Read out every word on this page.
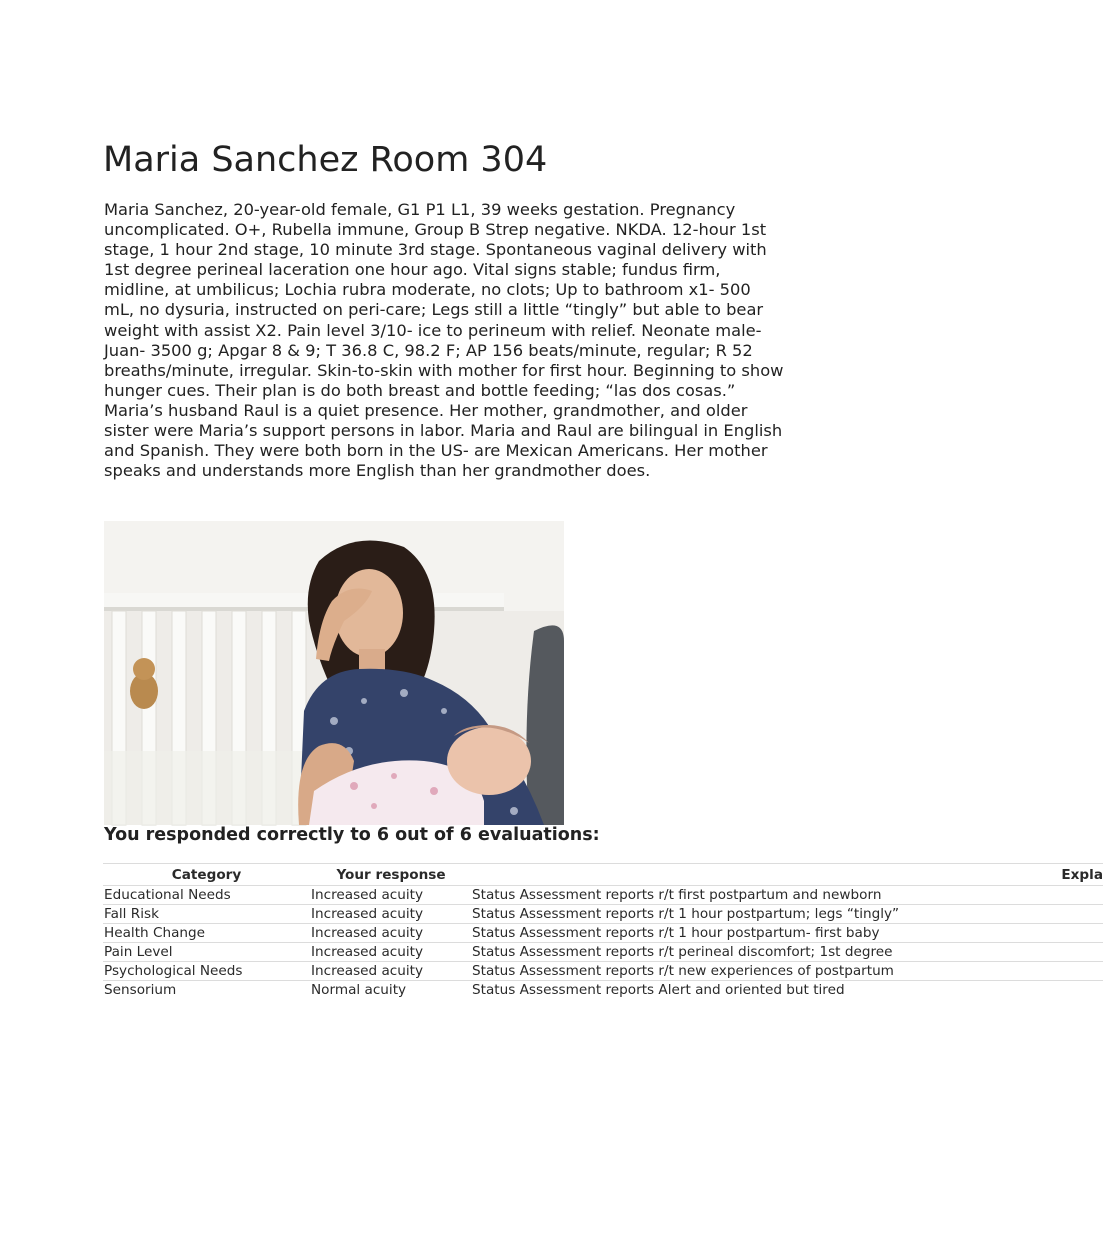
Maria Sanchez Room 304

Maria Sanchez, 20-year-old female, G1 P1 L1, 39 weeks gestation. Pregnancy uncomplicated. O+, Rubella immune, Group B Strep negative. NKDA. 12-hour 1st stage, 1 hour 2nd stage, 10 minute 3rd stage. Spontaneous vaginal delivery with 1st degree perineal laceration one hour ago. Vital signs stable; fundus firm, midline, at umbilicus; Lochia rubra moderate, no clots; Up to bathroom x1- 500 mL, no dysuria, instructed on peri-care; Legs still a little “tingly” but able to bear weight with assist X2. Pain level 3/10- ice to perineum with relief. Neonate male- Juan- 3500 g; Apgar 8 & 9; T 36.8 C, 98.2 F; AP 156 beats/minute, regular; R 52 breaths/minute, irregular. Skin-to-skin with mother for first hour. Beginning to show hunger cues. Their plan is do both breast and bottle feeding; “las dos cosas.” Maria’s husband Raul is a quiet presence. Her mother, grandmother, and older sister were Maria’s support persons in labor. Maria and Raul are bilingual in English and Spanish. They were both born in the US- are Mexican Americans. Her mother speaks and understands more English than her grandmother does.

You responded correctly to 6 out of 6 evaluations:
Category	Your response	Expla
Educational Needs	Increased acuity	Status Assessment reports r/t first postpartum and newborn
Fall Risk	Increased acuity	Status Assessment reports r/t 1 hour postpartum; legs “tingly”
Health Change	Increased acuity	Status Assessment reports r/t 1 hour postpartum- first baby
Pain Level	Increased acuity	Status Assessment reports r/t perineal discomfort; 1st degree
Psychological Needs	Increased acuity	Status Assessment reports r/t new experiences of postpartum
Sensorium	Normal acuity	Status Assessment reports Alert and oriented but tired
